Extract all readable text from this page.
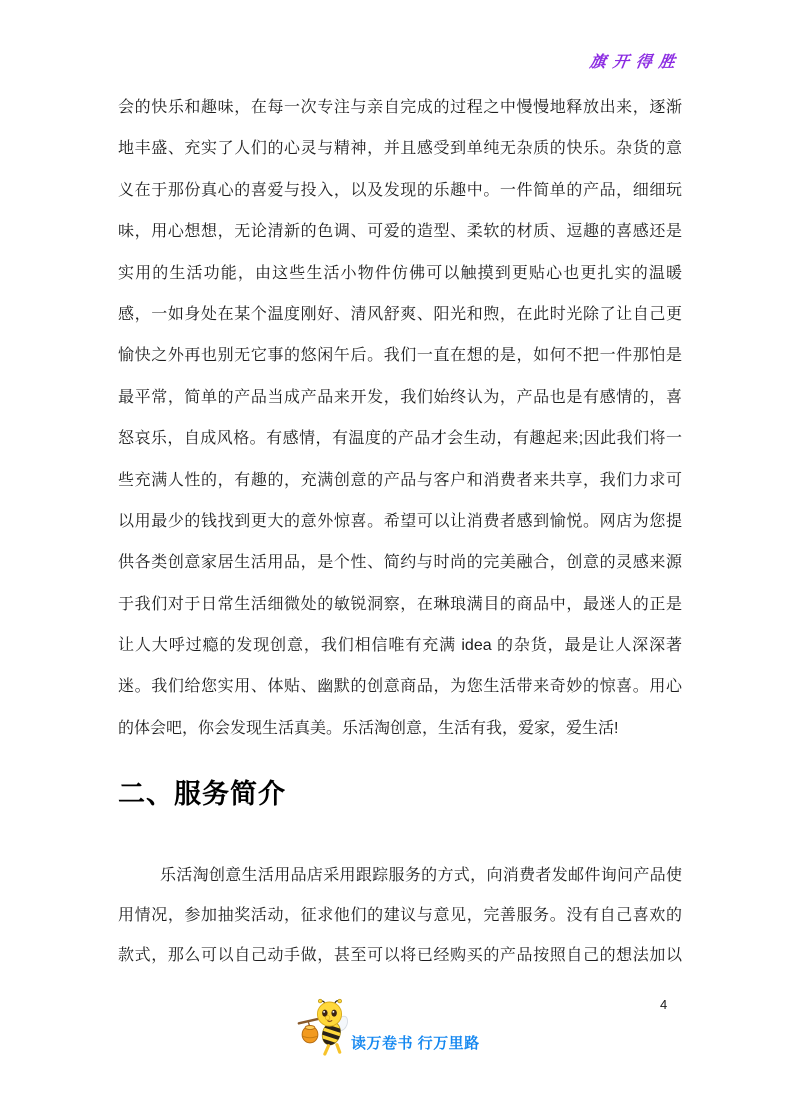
旗开得胜
会的快乐和趣味，在每一次专注与亲自完成的过程之中慢慢地释放出来，逐渐
地丰盛、充实了人们的心灵与精神，并且感受到单纯无杂质的快乐。杂货的意
义在于那份真心的喜爱与投入，以及发现的乐趣中。一件简单的产品，细细玩
味，用心想想，无论清新的色调、可爱的造型、柔软的材质、逗趣的喜感还是
实用的生活功能，由这些生活小物件仿佛可以触摸到更贴心也更扎实的温暖
感，一如身处在某个温度刚好、清风舒爽、阳光和煦，在此时光除了让自己更
愉快之外再也别无它事的悠闲午后。我们一直在想的是，如何不把一件那怕是
最平常，简单的产品当成产品来开发，我们始终认为，产品也是有感情的，喜
怒哀乐，自成风格。有感情，有温度的产品才会生动，有趣起来;因此我们将一
些充满人性的，有趣的，充满创意的产品与客户和消费者来共享，我们力求可
以用最少的钱找到更大的意外惊喜。希望可以让消费者感到愉悦。网店为您提
供各类创意家居生活用品，是个性、简约与时尚的完美融合，创意的灵感来源
于我们对于日常生活细微处的敏锐洞察，在琳琅满目的商品中，最迷人的正是
让人大呼过瘾的发现创意，我们相信唯有充满 idea 的杂货，最是让人深深著
迷。我们给您实用、体贴、幽默的创意商品，为您生活带来奇妙的惊喜。用心
的体会吧，你会发现生活真美。乐活淘创意，生活有我，爱家，爱生活!
二、服务简介
乐活淘创意生活用品店采用跟踪服务的方式，向消费者发邮件询问产品使
用情况，参加抽奖活动，征求他们的建议与意见，完善服务。没有自己喜欢的
款式，那么可以自己动手做，甚至可以将已经购买的产品按照自己的想法加以
读万卷书 行万里路
4
